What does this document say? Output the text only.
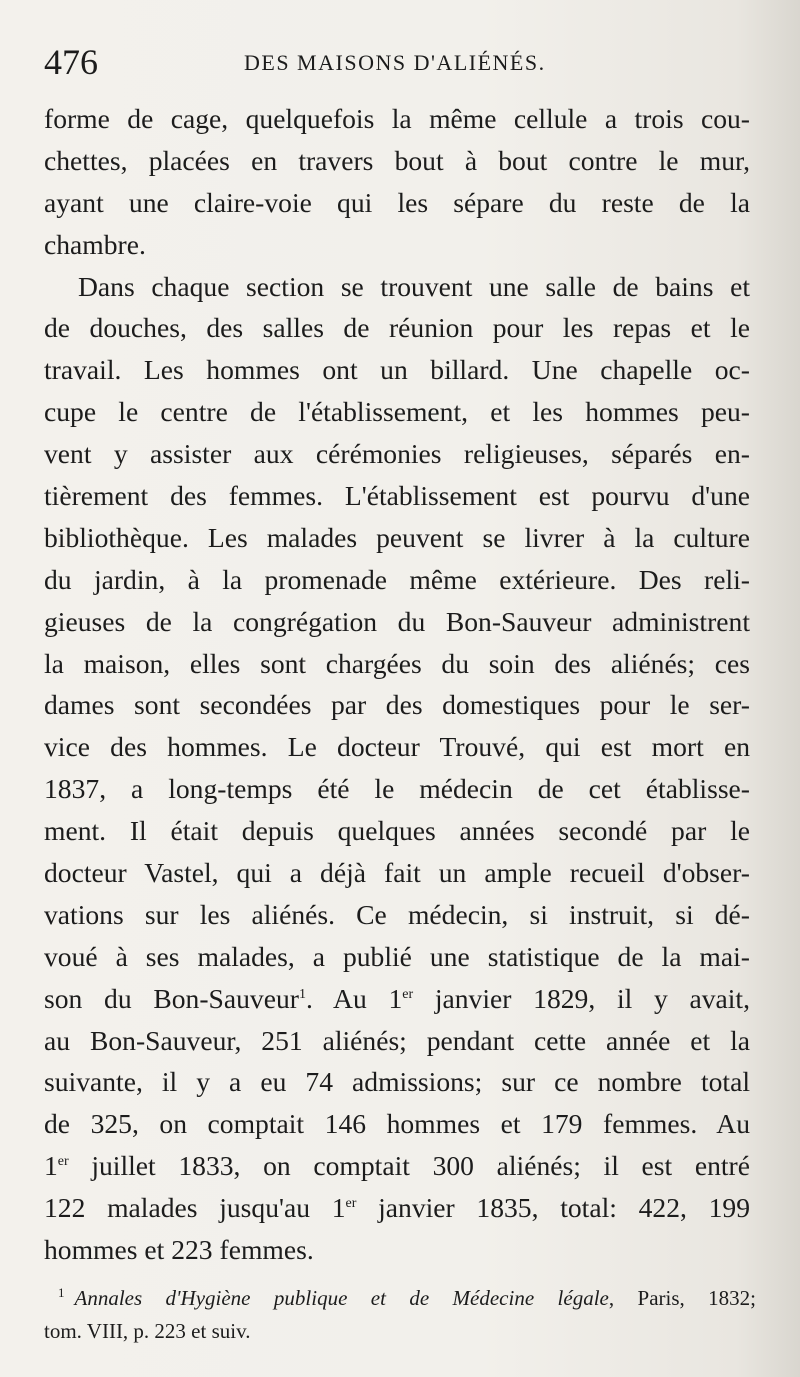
476	DES MAISONS D'ALIÉNÉS.
forme de cage, quelquefois la même cellule a trois cou-
chettes, placées en travers bout à bout contre le mur,
ayant une claire-voie qui les sépare du reste de la
chambre.
Dans chaque section se trouvent une salle de bains et
de douches, des salles de réunion pour les repas et le
travail. Les hommes ont un billard. Une chapelle oc-
cupe le centre de l'établissement, et les hommes peu-
vent y assister aux cérémonies religieuses, séparés en-
tièrement des femmes. L'établissement est pourvu d'une
bibliothèque. Les malades peuvent se livrer à la culture
du jardin, à la promenade même extérieure. Des reli-
gieuses de la congrégation du Bon-Sauveur administrent
la maison, elles sont chargées du soin des aliénés; ces
dames sont secondées par des domestiques pour le ser-
vice des hommes. Le docteur Trouvé, qui est mort en
1837, a long-temps été le médecin de cet établisse-
ment. Il était depuis quelques années secondé par le
docteur Vastel, qui a déjà fait un ample recueil d'obser-
vations sur les aliénés. Ce médecin, si instruit, si dé-
voué à ses malades, a publié une statistique de la mai-
son du Bon-Sauveur$^1$. Au 1er janvier 1829, il y avait,
au Bon-Sauveur, 251 aliénés; pendant cette année et la
suivante, il y a eu 74 admissions; sur ce nombre total
de 325, on comptait 146 hommes et 179 femmes. Au
1er juillet 1833, on comptait 300 aliénés; il est entré
122 malades jusqu'au 1er janvier 1835, total: 422, 199
hommes et 223 femmes.
$^1$ Annales d'Hygiène publique et de Médecine légale, Paris, 1832;
tom. VIII, p. 223 et suiv.
